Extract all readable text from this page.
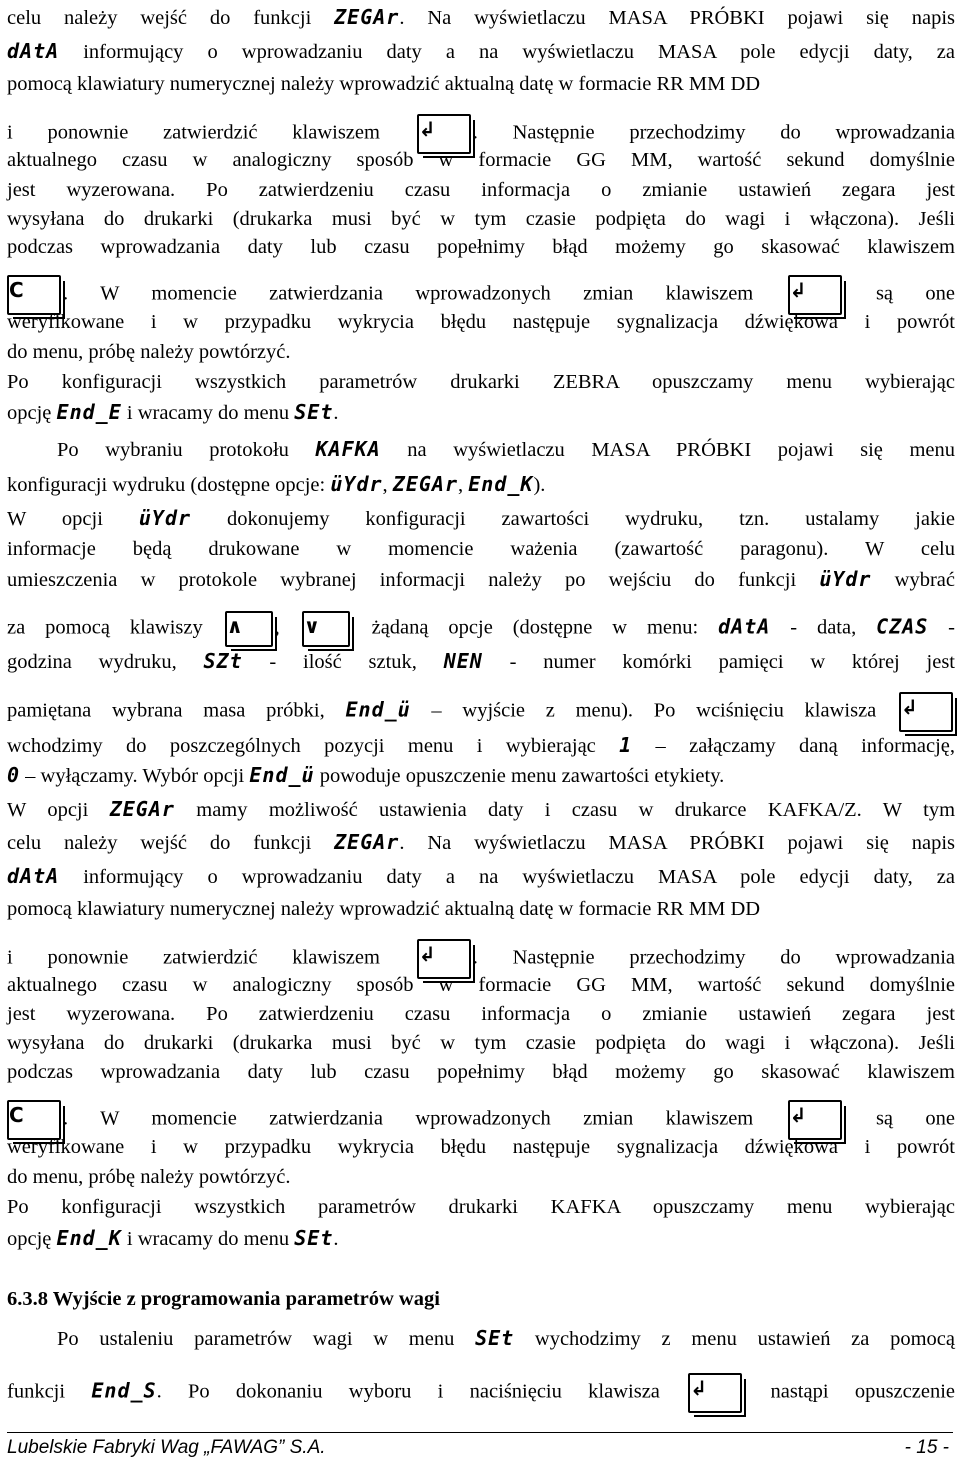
celu należy wejść do funkcji ZEGAr. Na wyświetlaczu MASA PRÓBKI pojawi się napis
dAtA informujący o wprowadzaniu daty a na wyświetlaczu MASA pole edycji daty, za
pomocą klawiatury numerycznej należy wprowadzić aktualną datę w formacie RR MM DD
i ponownie zatwierdzić klawiszem ↲	. Następnie przechodzimy do wprowadzania
aktualnego czasu w analogiczny sposób w formacie GG MM, wartość sekund domyślnie
jest wyzerowana. Po zatwierdzeniu czasu informacja o zmianie ustawień zegara jest
wysyłana do drukarki (drukarka musi być w tym czasie podpięta do wagi i włączona). Jeśli
podczas wprowadzania daty lub czasu popełnimy błąd możemy go skasować klawiszem
C	. W momencie zatwierdzania wprowadzonych zmian klawiszem ↲	są one
weryfikowane i w przypadku wykrycia błędu następuje sygnalizacja dźwiękowa i powrót
do menu, próbę należy powtórzyć.
Po konfiguracji wszystkich parametrów drukarki ZEBRA opuszczamy menu wybierając
opcję End_E i wracamy do menu SEt.
Po wybraniu protokołu KAFKA na wyświetlaczu MASA PRÓBKI pojawi się menu
konfiguracji wydruku (dostępne opcje: üYdr, ZEGAr, End_K).
W opcji üYdr dokonujemy konfiguracji zawartości wydruku, tzn. ustalamy jakie
informacje będą drukowane w momencie ważenia (zawartość paragonu). W celu
umieszczenia w protokole wybranej informacji należy po wejściu do funkcji üYdr wybrać
za pomocą klawiszy ∧	, ∨	żądaną opcje (dostępne w menu: dAtA - data, CZAS -
godzina wydruku, SZt - ilość sztuk, NEN - numer komórki pamięci w której jest
pamiętana wybrana masa próbki, End_ü – wyjście z menu). Po wciśnięciu klawisza ↲
wchodzimy do poszczególnych pozycji menu i wybierając 1 – załączamy daną informację,
0 – wyłączamy. Wybór opcji End_ü powoduje opuszczenie menu zawartości etykiety.
W opcji ZEGAr mamy możliwość ustawienia daty i czasu w drukarce KAFKA/Z. W tym
celu należy wejść do funkcji ZEGAr. Na wyświetlaczu MASA PRÓBKI pojawi się napis
dAtA informujący o wprowadzaniu daty a na wyświetlaczu MASA pole edycji daty, za
pomocą klawiatury numerycznej należy wprowadzić aktualną datę w formacie RR MM DD
i ponownie zatwierdzić klawiszem ↲	. Następnie przechodzimy do wprowadzania
aktualnego czasu w analogiczny sposób w formacie GG MM, wartość sekund domyślnie
jest wyzerowana. Po zatwierdzeniu czasu informacja o zmianie ustawień zegara jest
wysyłana do drukarki (drukarka musi być w tym czasie podpięta do wagi i włączona). Jeśli
podczas wprowadzania daty lub czasu popełnimy błąd możemy go skasować klawiszem
C	. W momencie zatwierdzania wprowadzonych zmian klawiszem ↲	są one
weryfikowane i w przypadku wykrycia błędu następuje sygnalizacja dźwiękowa i powrót
do menu, próbę należy powtórzyć.
Po konfiguracji wszystkich parametrów drukarki KAFKA opuszczamy menu wybierając
opcję End_K i wracamy do menu SEt.
6.3.8 Wyjście z programowania parametrów wagi
Po ustaleniu parametrów wagi w menu SEt wychodzimy z menu ustawień za pomocą
funkcji End_S. Po dokonaniu wyboru i naciśnięciu klawisza ↲	nastąpi opuszczenie
Lubelskie Fabryki Wag „FAWAG” S.A.	- 15 -
